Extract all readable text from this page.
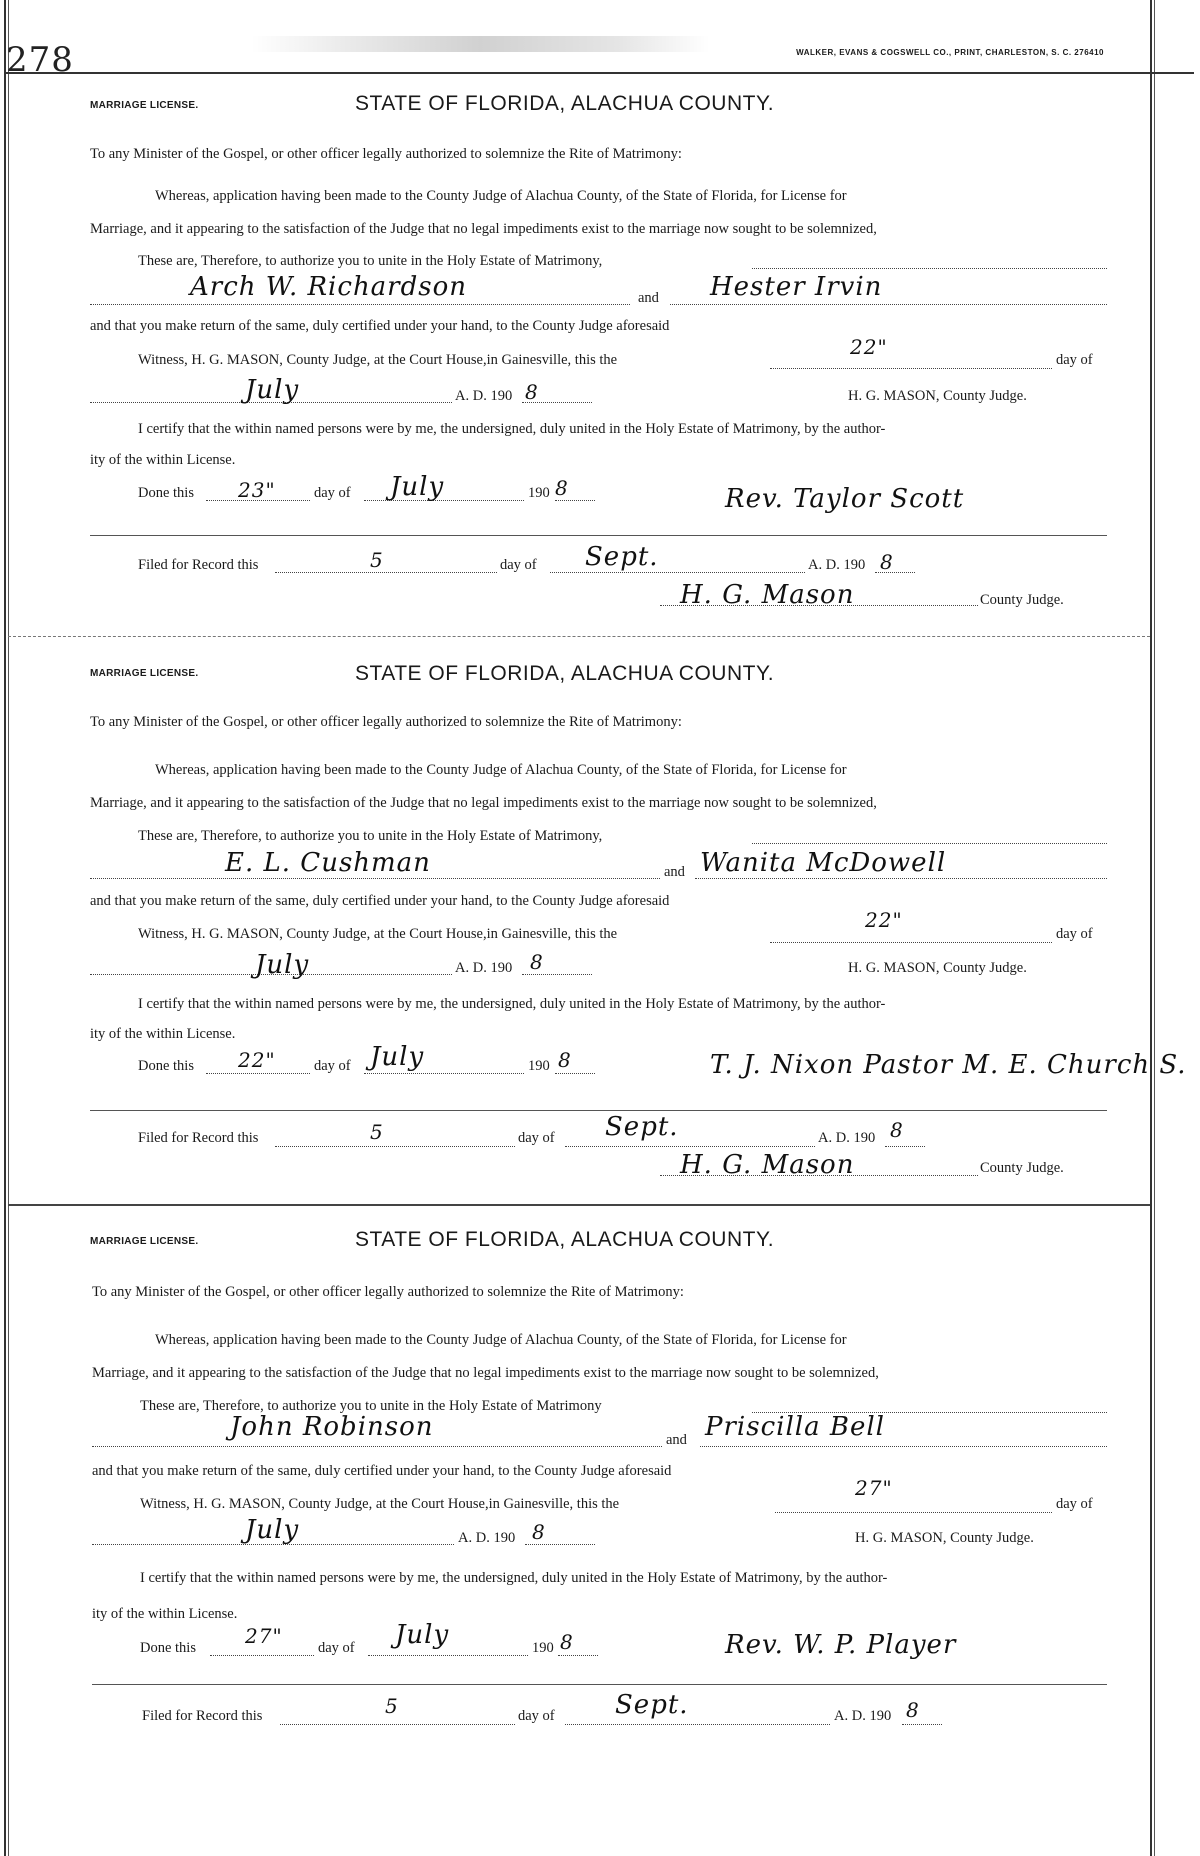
278	WALKER, EVANS & COGSWELL CO., PRINT, CHARLESTON, S. C. 276410
MARRIAGE LICENSE.	STATE OF FLORIDA, ALACHUA COUNTY.
To any Minister of the Gospel, or other officer legally authorized to solemnize the Rite of Matrimony:
Whereas, application having been made to the County Judge of Alachua County, of the State of Florida, for License for
Marriage, and it appearing to the satisfaction of the Judge that no legal impediments exist to the marriage now sought to be solemnized,
These are, Therefore, to authorize you to unite in the Holy Estate of Matrimony,
Arch W. Richardson	and Hester Irvin
and that you make return of the same, duly certified under your hand, to the County Judge aforesaid
Witness, H. G. MASON, County Judge, at the Court House,in Gainesville, this the
22"
day of
July	A. D. 190 8	H. G. MASON, County Judge.
I certify that the within named persons were by me, the undersigned, duly united in the Holy Estate of Matrimony, by the author-
ity of the within License.
Done this 23"	day of July	190 8	Rev. Taylor Scott
Filed for Record this	5	day of Sept.	A. D. 190 8
H. G. Mason	County Judge.
MARRIAGE LICENSE.	STATE OF FLORIDA, ALACHUA COUNTY.
To any Minister of the Gospel, or other officer legally authorized to solemnize the Rite of Matrimony:
Whereas, application having been made to the County Judge of Alachua County, of the State of Florida, for License for
Marriage, and it appearing to the satisfaction of the Judge that no legal impediments exist to the marriage now sought to be solemnized,
These are, Therefore, to authorize you to unite in the Holy Estate of Matrimony,
E. L. Cushman	and Wanita McDowell
and that you make return of the same, duly certified under your hand, to the County Judge aforesaid
Witness, H. G. MASON, County Judge, at the Court House,in Gainesville, this the
22"
day of
July	A. D. 190 8	H. G. MASON, County Judge.
I certify that the within named persons were by me, the undersigned, duly united in the Holy Estate of Matrimony, by the author-
ity of the within License.
Done this 22"	day of July	190 8	T. J. Nixon Pastor M. E. Church S.
Filed for Record this	5	day of Sept.	A. D. 190 8
H. G. Mason	County Judge.
MARRIAGE LICENSE.	STATE OF FLORIDA, ALACHUA COUNTY.
To any Minister of the Gospel, or other officer legally authorized to solemnize the Rite of Matrimony:
Whereas, application having been made to the County Judge of Alachua County, of the State of Florida, for License for
Marriage, and it appearing to the satisfaction of the Judge that no legal impediments exist to the marriage now sought to be solemnized,
These are, Therefore, to authorize you to unite in the Holy Estate of Matrimony
John Robinson	and Priscilla Bell
and that you make return of the same, duly certified under your hand, to the County Judge aforesaid
Witness, H. G. MASON, County Judge, at the Court House,in Gainesville, this the
27"
day of
July	A. D. 190 8	H. G. MASON, County Judge.
I certify that the within named persons were by me, the undersigned, duly united in the Holy Estate of Matrimony, by the author-
ity of the within License.
Done this 27" day of July	190 8	Rev. W. P. Player
Filed for Record this	5	day of Sept.	A. D. 190 8
